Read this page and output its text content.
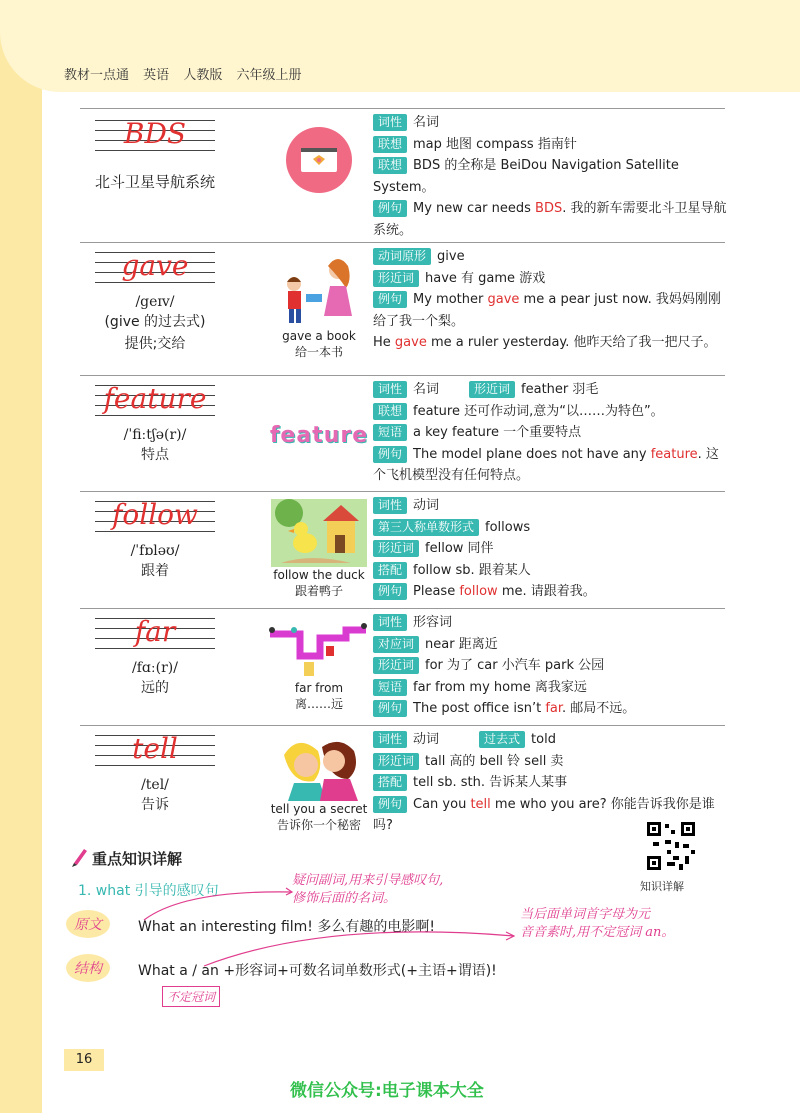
教材一点通 英语 人教版 六年级上册
BDS
北斗卫星导航系统
词性 名词
联想 map 地图 compass 指南针
联想 BDS 的全称是 BeiDou Navigation Satellite System。
例句 My new car needs BDS. 我的新车需要北斗卫星导航系统。
gave
/geɪv/
(give 的过去式)
提供;交给	gave a book
给一本书
动词原形 give
形近词 have 有 game 游戏
例句 My mother gave me a pear just now. 我妈妈刚刚给了我一个梨。
He gave me a ruler yesterday. 他昨天给了我一把尺子。
feature
/ˈfiːtʃə(r)/
特点
feature
词性 名词	形近词 feather 羽毛
联想 feature 还可作动词,意为“以……为特色”。
短语 a key feature 一个重要特点
例句 The model plane does not have any feature. 这个飞机模型没有任何特点。
follow
/ˈfɒləʊ/
跟着	follow the duck
跟着鸭子
词性 动词
第三人称单数形式 follows
形近词 fellow 同伴
搭配 follow sb. 跟着某人
例句 Please follow me. 请跟着我。
far
/fɑː(r)/
远的	far from
离……远
词性 形容词
对应词 near 距离近
形近词 for 为了 car 小汽车 park 公园
短语 far from my home 离我家远
例句 The post office isn’t far. 邮局不远。
tell
/tel/
告诉	tell you a secret
告诉你一个秘密
词性 动词	过去式 told
形近词 tall 高的 bell 铃 sell 卖
搭配 tell sb. sth. 告诉某人某事
例句 Can you tell me who you are? 你能告诉我你是谁吗?
重点知识详解
知识详解
1. what 引导的感叹句
疑问副词,用来引导感叹句,
修饰后面的名词。
原文	What an interesting film! 多么有趣的电影啊!
当后面单词首字母为元
音音素时,用不定冠词 an。
结构	What a / an +形容词+可数名词单数形式(+主语+谓语)!
不定冠词
16
微信公众号:电子课本大全
